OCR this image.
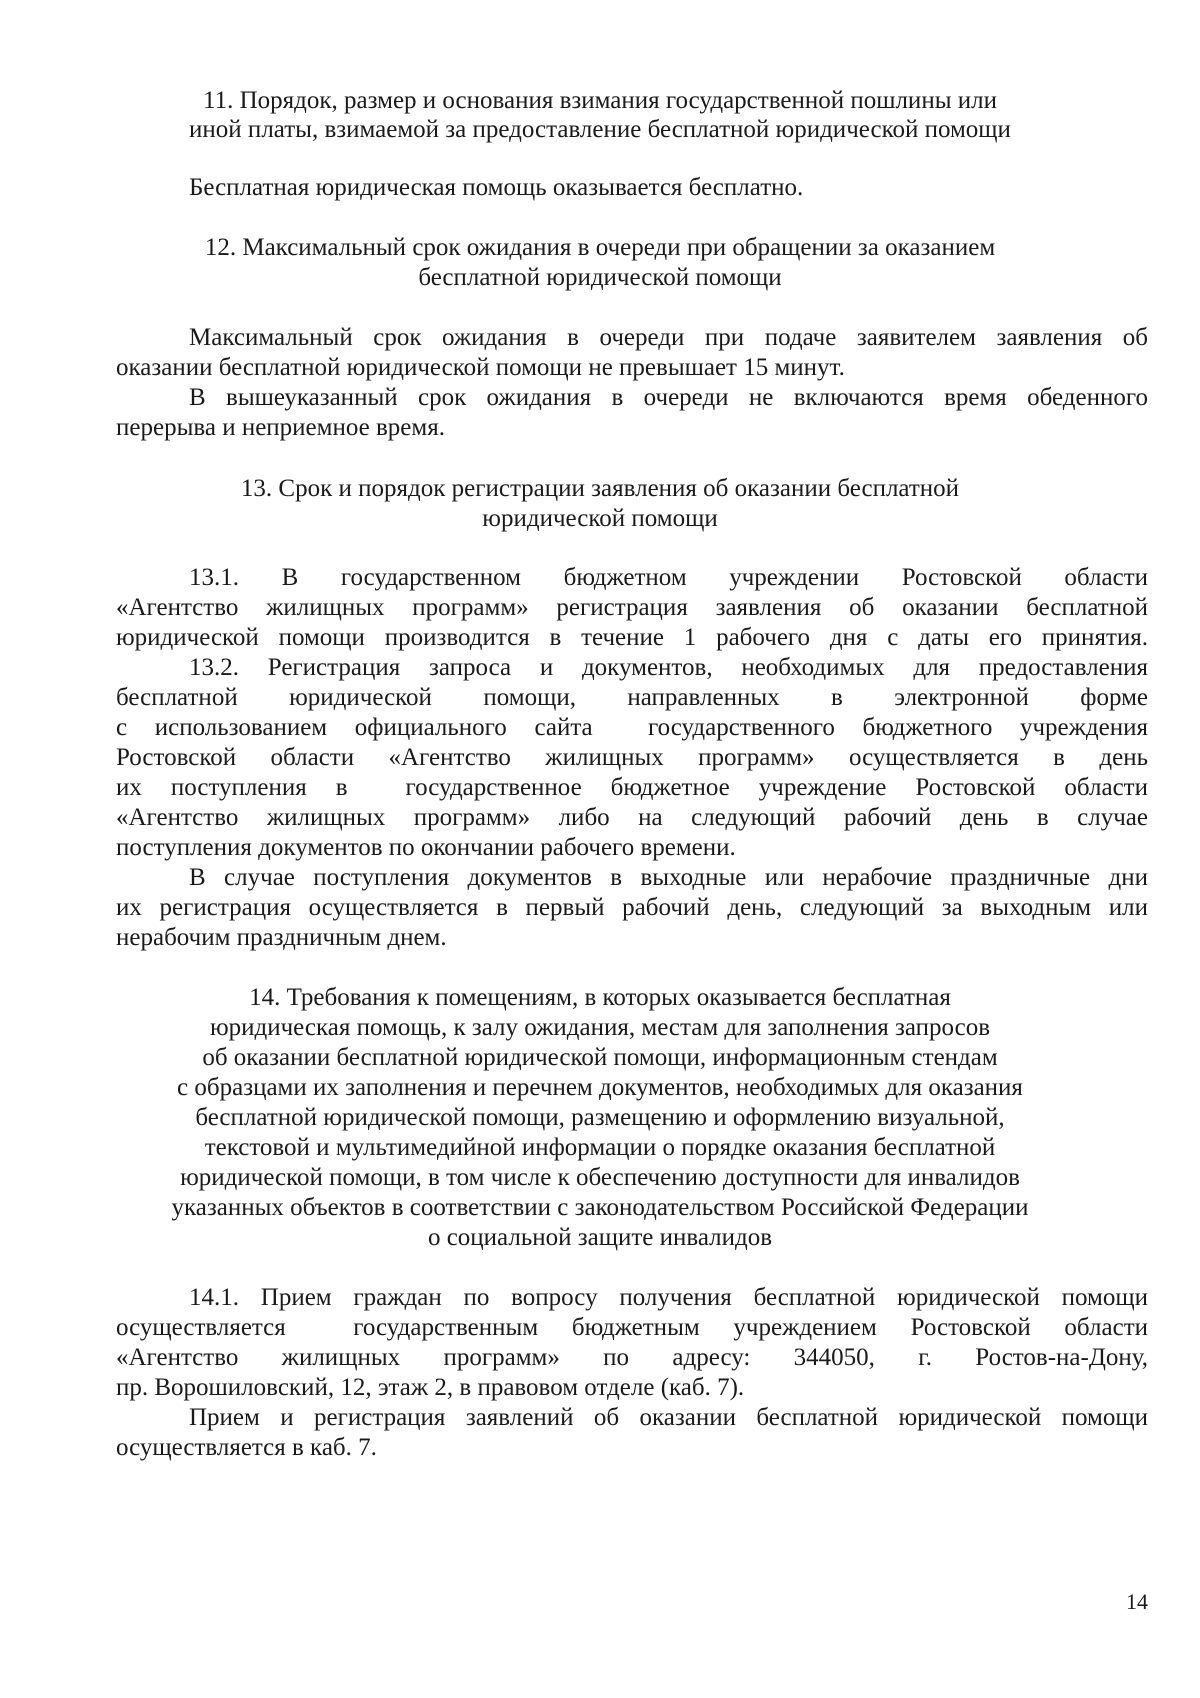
11. Порядок, размер и основания взимания государственной пошлины или
иной платы, взимаемой за предоставление бесплатной юридической помощи
Бесплатная юридическая помощь оказывается бесплатно.
12. Максимальный срок ожидания в очереди при обращении за оказанием
бесплатной юридической помощи
Максимальный срок ожидания в очереди при подаче заявителем заявления об
оказании бесплатной юридической помощи не превышает 15 минут.
В вышеуказанный срок ожидания в очереди не включаются время обеденного
перерыва и неприемное время.
13. Срок и порядок регистрации заявления об оказании бесплатной
юридической помощи
13.1. В государственном бюджетном учреждении Ростовской области
«Агентство жилищных программ» регистрация заявления об оказании бесплатной
юридической помощи производится в течение 1 рабочего дня с даты его принятия.
13.2. Регистрация запроса и документов, необходимых для предоставления
бесплатной юридической помощи, направленных в электронной форме
с использованием официального сайта  государственного бюджетного учреждения
Ростовской области «Агентство жилищных программ» осуществляется в день
их поступления в  государственное бюджетное учреждение Ростовской области
«Агентство жилищных программ» либо на следующий рабочий день в случае
поступления документов по окончании рабочего времени.
В случае поступления документов в выходные или нерабочие праздничные дни
их регистрация осуществляется в первый рабочий день, следующий за выходным или
нерабочим праздничным днем.
14. Требования к помещениям, в которых оказывается бесплатная
юридическая помощь, к залу ожидания, местам для заполнения запросов
об оказании бесплатной юридической помощи, информационным стендам
с образцами их заполнения и перечнем документов, необходимых для оказания
бесплатной юридической помощи, размещению и оформлению визуальной,
текстовой и мультимедийной информации о порядке оказания бесплатной
юридической помощи, в том числе к обеспечению доступности для инвалидов
указанных объектов в соответствии с законодательством Российской Федерации
о социальной защите инвалидов
14.1. Прием граждан по вопросу получения бесплатной юридической помощи
осуществляется  государственным бюджетным учреждением Ростовской области
«Агентство жилищных программ» по адресу: 344050, г. Ростов-на-Дону,
пр. Ворошиловский, 12, этаж 2, в правовом отделе (каб. 7).
Прием и регистрация заявлений об оказании бесплатной юридической помощи
осуществляется в каб. 7.
14
